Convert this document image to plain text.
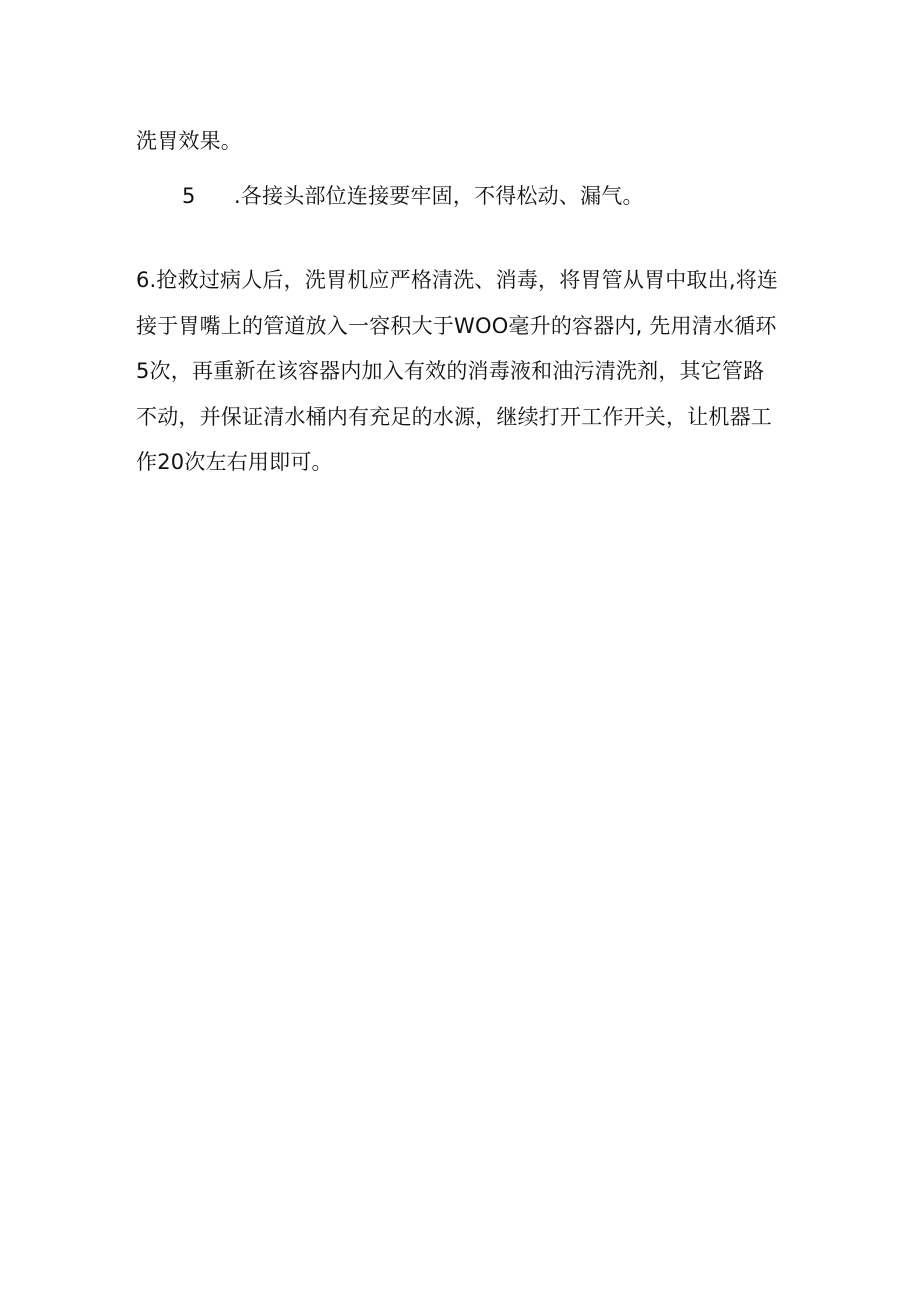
洗胃效果。
5 .各接头部位连接要牢固，不得松动、漏气。
6.抢救过病人后，洗胃机应严格清洗、消毒，将胃管从胃中取出,将连
接于胃嘴上的管道放入一容积大于WOO毫升的容器内, 先用清水循环
5次，再重新在该容器内加入有效的消毒液和油污清洗剂，其它管路
不动，并保证清水桶内有充足的水源，继续打开工作开关，让机器工
作20次左右用即可。
